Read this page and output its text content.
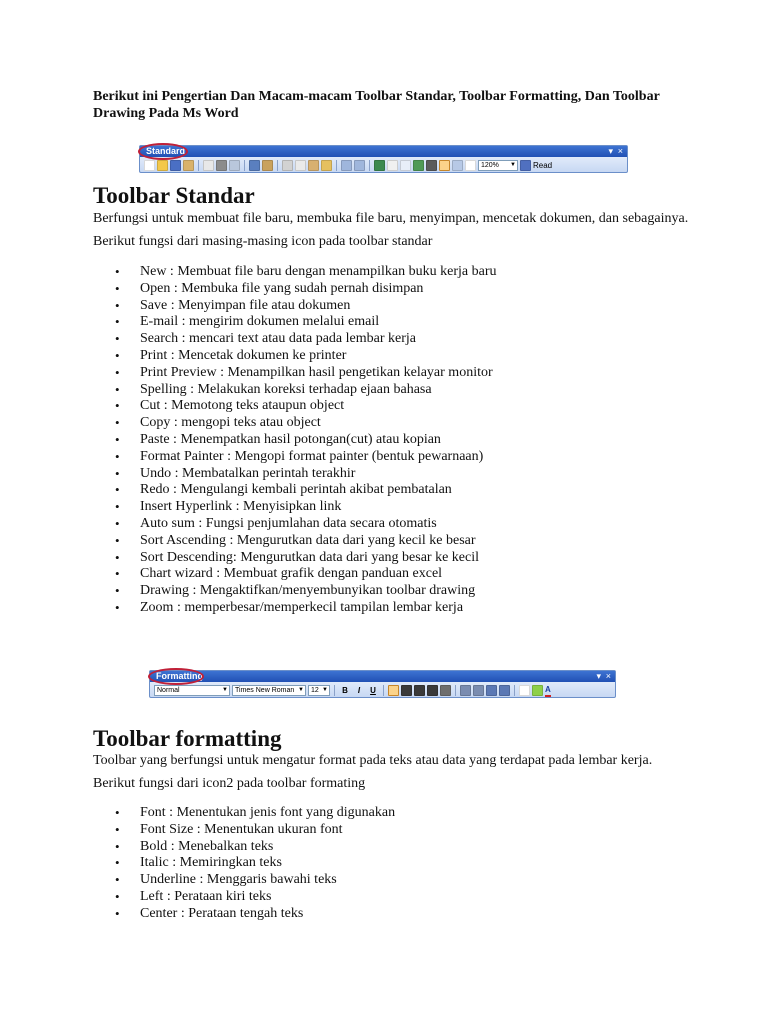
Berikut ini Pengertian Dan Macam-macam Toolbar Standar, Toolbar Formatting, Dan Toolbar Drawing Pada Ms Word
Standard	▾ ×
120% ▼ Read
Toolbar Standar
Berfungsi untuk membuat file baru, membuka file baru, menyimpan, mencetak dokumen, dan sebagainya. Berikut fungsi dari masing-masing icon pada toolbar standar
• New : Membuat file baru dengan menampilkan buku kerja baru
• Open : Membuka file yang sudah pernah disimpan
• Save : Menyimpan file atau dokumen
• E-mail : mengirim dokumen melalui email
• Search : mencari text atau data pada lembar kerja
• Print : Mencetak dokumen ke printer
• Print Preview : Menampilkan hasil pengetikan kelayar monitor
• Spelling : Melakukan koreksi terhadap ejaan bahasa
• Cut : Memotong teks ataupun object
• Copy : mengopi teks atau object
• Paste : Menempatkan hasil potongan(cut) atau kopian
• Format Painter : Mengopi format painter (bentuk pewarnaan)
• Undo : Membatalkan perintah terakhir
• Redo : Mengulangi kembali perintah akibat pembatalan
• Insert Hyperlink : Menyisipkan link
• Auto sum : Fungsi penjumlahan data secara otomatis
• Sort Ascending : Mengurutkan data dari yang kecil ke besar
• Sort Descending: Mengurutkan data dari yang besar ke kecil
• Chart wizard : Membuat grafik dengan panduan excel
• Drawing : Mengaktifkan/menyembunyikan toolbar drawing
• Zoom : memperbesar/memperkecil tampilan lembar kerja
Formatting	▾ ×
Normal	▼	Times New Roman ▼	12 ▼	B	I	U	A
Toolbar formatting
Toolbar yang berfungsi untuk mengatur format pada teks atau data yang terdapat pada lembar kerja. Berikut fungsi dari icon2 pada toolbar formating
• Font : Menentukan jenis font yang digunakan
• Font Size : Menentukan ukuran font
• Bold : Menebalkan teks
• Italic : Memiringkan teks
• Underline : Menggaris bawahi teks
• Left : Perataan kiri teks
• Center : Perataan tengah teks
